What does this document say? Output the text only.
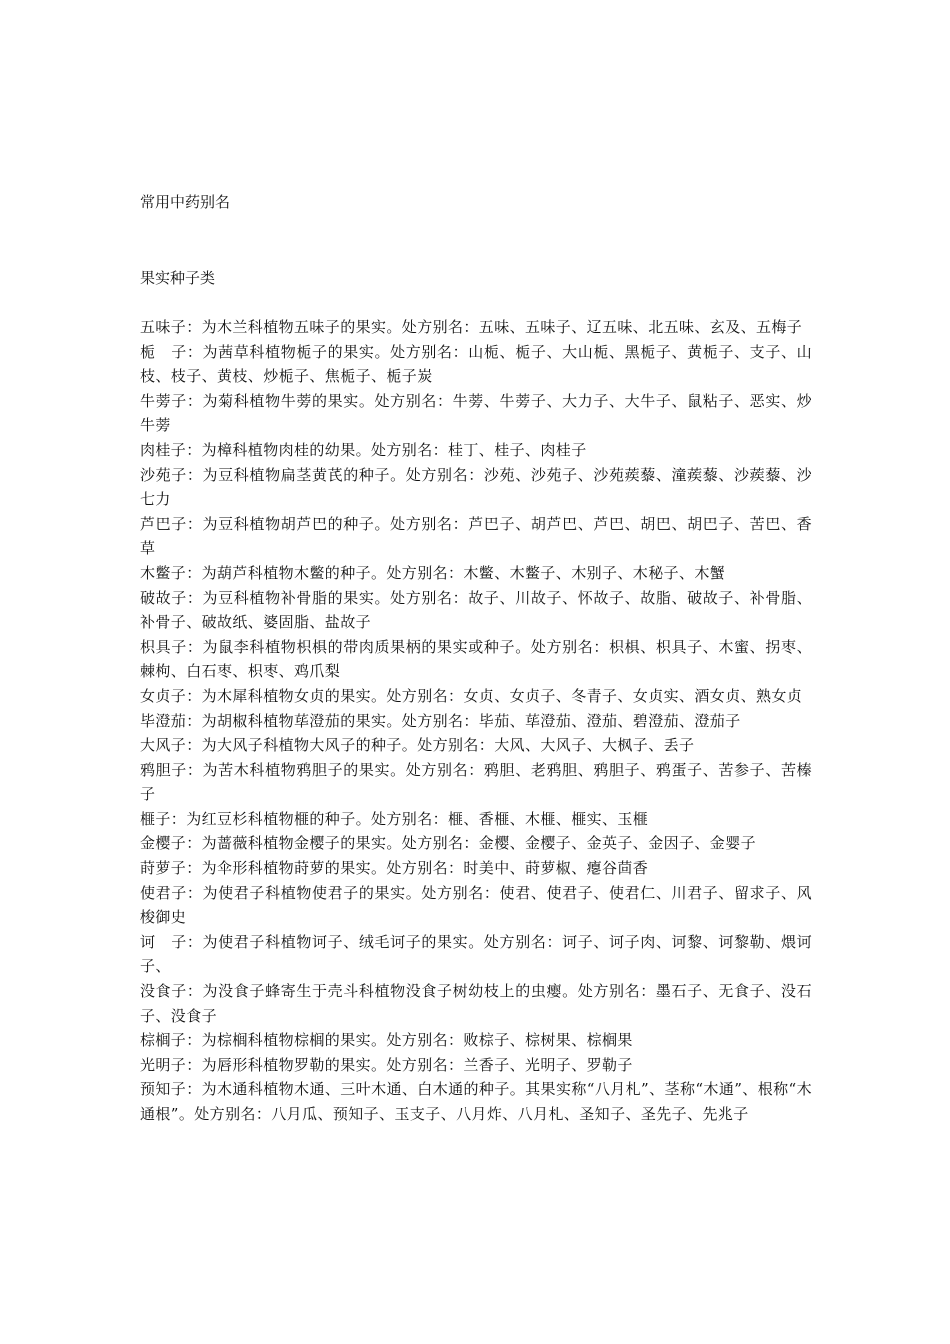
常用中药别名
果实种子类

五味子：为木兰科植物五味子的果实。处方别名：五味、五味子、辽五味、北五味、玄及、五梅子

栀　子：为茜草科植物栀子的果实。处方别名：山栀、栀子、大山栀、黑栀子、黄栀子、支子、山枝、枝子、黄枝、炒栀子、焦栀子、栀子炭

牛蒡子：为菊科植物牛蒡的果实。处方别名：牛蒡、牛蒡子、大力子、大牛子、鼠粘子、恶实、炒牛蒡

肉桂子：为樟科植物肉桂的幼果。处方别名：桂丁、桂子、肉桂子

沙苑子：为豆科植物扁茎黄芪的种子。处方别名：沙苑、沙苑子、沙苑蒺藜、潼蒺藜、沙蒺藜、沙七力

芦巴子：为豆科植物胡芦巴的种子。处方别名：芦巴子、胡芦巴、芦巴、胡巴、胡巴子、苦巴、香草

木鳖子：为葫芦科植物木鳖的种子。处方别名：木鳖、木鳖子、木别子、木秘子、木蟹

破故子：为豆科植物补骨脂的果实。处方别名：故子、川故子、怀故子、故脂、破故子、补骨脂、补骨子、破故纸、婆固脂、盐故子

枳具子：为鼠李科植物枳椇的带肉质果柄的果实或种子。处方别名：枳椇、枳具子、木蜜、拐枣、棘枸、白石枣、枳枣、鸡爪梨

女贞子：为木犀科植物女贞的果实。处方别名：女贞、女贞子、冬青子、女贞实、酒女贞、熟女贞

毕澄茄：为胡椒科植物荜澄茄的果实。处方别名：毕茄、荜澄茄、澄茄、碧澄茄、澄茄子

大风子：为大风子科植物大风子的种子。处方别名：大风、大风子、大枫子、丢子

鸦胆子：为苦木科植物鸦胆子的果实。处方别名：鸦胆、老鸦胆、鸦胆子、鸦蛋子、苦参子、苦榛子

榧子：为红豆杉科植物榧的种子。处方别名：榧、香榧、木榧、榧实、玉榧

金樱子：为蔷薇科植物金樱子的果实。处方别名：金樱、金樱子、金英子、金因子、金婴子

莳萝子：为伞形科植物莳萝的果实。处方别名：时美中、莳萝椒、瘪谷茴香

使君子：为使君子科植物使君子的果实。处方别名：使君、使君子、使君仁、川君子、留求子、风梭御史

诃　子：为使君子科植物诃子、绒毛诃子的果实。处方别名：诃子、诃子肉、诃黎、诃黎勒、煨诃子、

没食子：为没食子蜂寄生于壳斗科植物没食子树幼枝上的虫瘿。处方别名：墨石子、无食子、没石子、没食子

棕榈子：为棕榈科植物棕榈的果实。处方别名：败棕子、棕树果、棕榈果

光明子：为唇形科植物罗勒的果实。处方别名：兰香子、光明子、罗勒子

预知子：为木通科植物木通、三叶木通、白木通的种子。其果实称“八月札”、茎称“木通”、根称“木通根”。处方别名：八月瓜、预知子、玉支子、八月炸、八月札、圣知子、圣先子、先兆子
